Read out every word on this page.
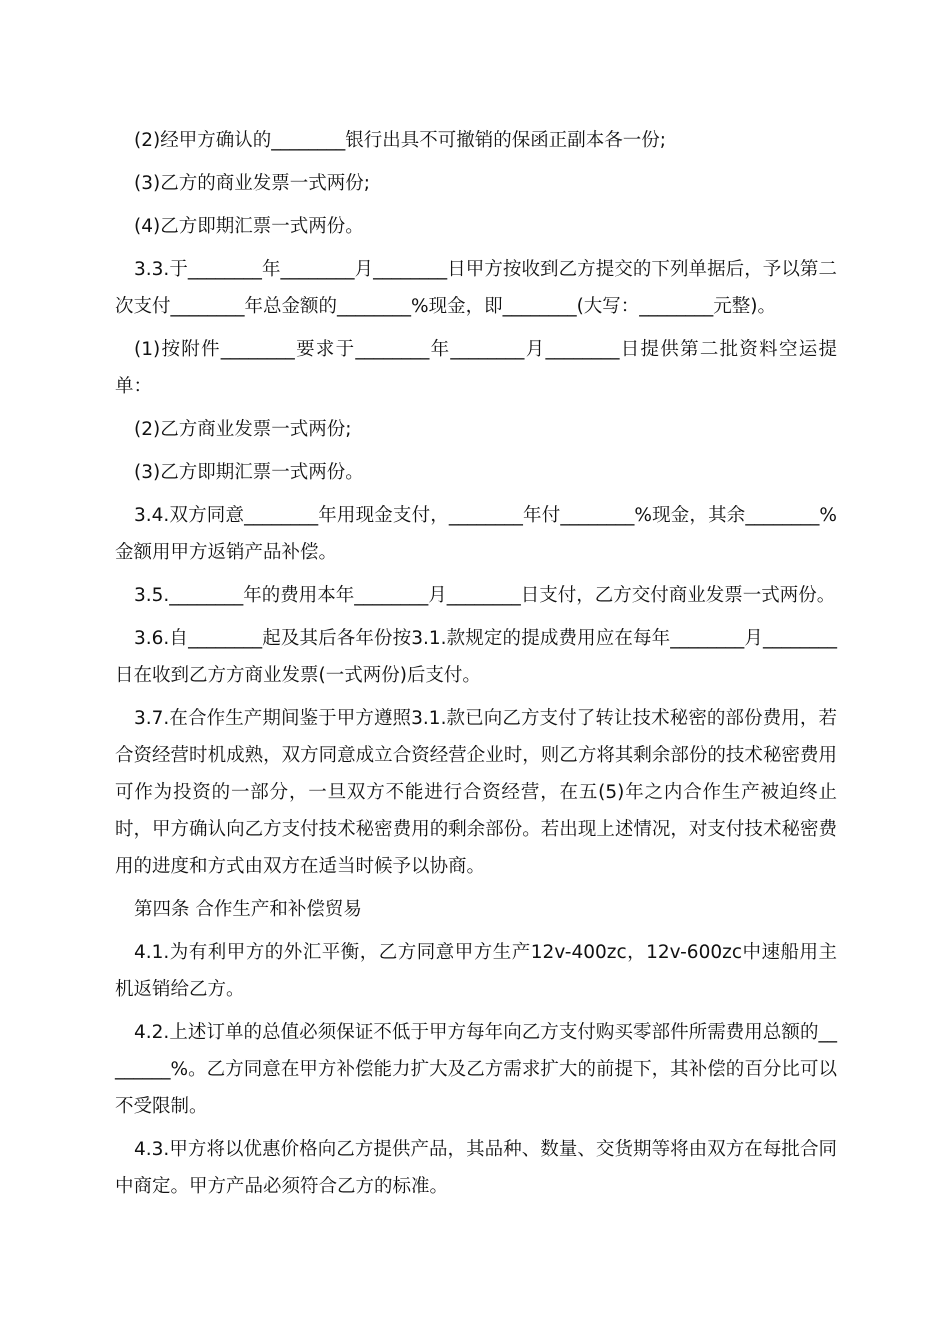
(2)经甲方确认的________银行出具不可撤销的保函正副本各一份;

(3)乙方的商业发票一式两份;

(4)乙方即期汇票一式两份。

3.3.于________年________月________日甲方按收到乙方提交的下列单据后，予以第二次支付________年总金额的________%现金，即________(大写：________元整)。

(1)按附件________要求于________年________月________日提供第二批资料空运提单：

(2)乙方商业发票一式两份;

(3)乙方即期汇票一式两份。

3.4.双方同意________年用现金支付，________年付________%现金，其余________%金额用甲方返销产品补偿。

3.5.________年的费用本年________月________日支付，乙方交付商业发票一式两份。

3.6.自________起及其后各年份按3.1.款规定的提成费用应在每年________月________日在收到乙方方商业发票(一式两份)后支付。

3.7.在合作生产期间鉴于甲方遵照3.1.款已向乙方支付了转让技术秘密的部份费用，若合资经营时机成熟，双方同意成立合资经营企业时，则乙方将其剩余部份的技术秘密费用可作为投资的一部分，一旦双方不能进行合资经营，在五(5)年之内合作生产被迫终止时，甲方确认向乙方支付技术秘密费用的剩余部份。若出现上述情况，对支付技术秘密费用的进度和方式由双方在适当时候予以协商。

第四条 合作生产和补偿贸易

4.1.为有利甲方的外汇平衡，乙方同意甲方生产12v-400zc，12v-600zc中速船用主机返销给乙方。

4.2.上述订单的总值必须保证不低于甲方每年向乙方支付购买零部件所需费用总额的________%。乙方同意在甲方补偿能力扩大及乙方需求扩大的前提下，其补偿的百分比可以不受限制。

4.3.甲方将以优惠价格向乙方提供产品，其品种、数量、交货期等将由双方在每批合同中商定。甲方产品必须符合乙方的标准。
